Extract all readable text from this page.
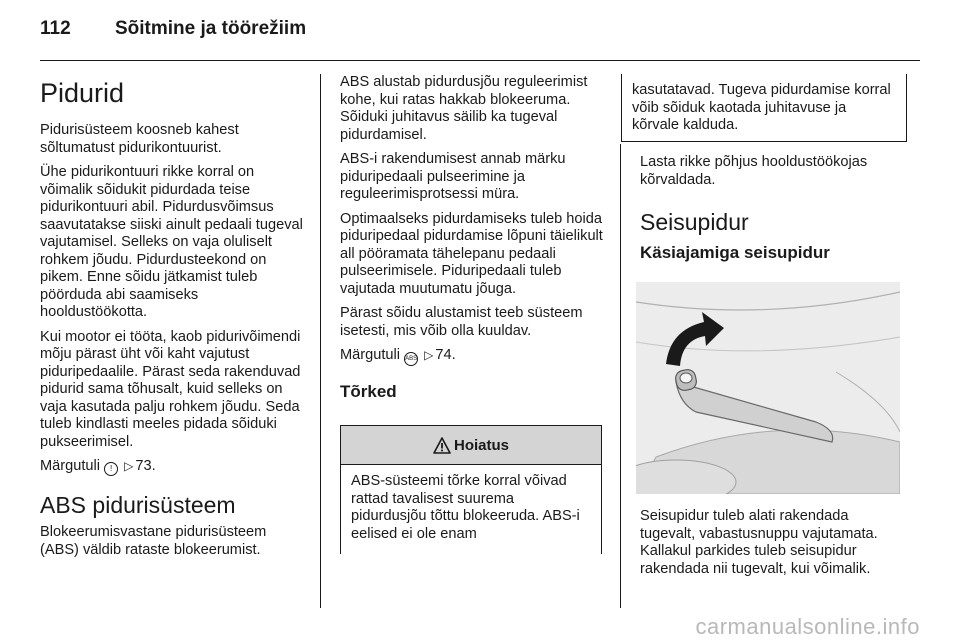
112	Sõitmine ja töörežiim
Pidurid

Pidurisüsteem koosneb kahest sõltumatust pidurikontuurist.

Ühe pidurikontuuri rikke korral on võimalik sõidukit pidurdada teise pidurikontuuri abil. Pidurdusvõimsus saavutatakse siiski ainult pedaali tugeval vajutamisel. Selleks on vaja oluliselt rohkem jõudu. Pidurdusteekond on pikem. Enne sõidu jätkamist tuleb pöörduda abi saamiseks hooldustöökotta.

Kui mootor ei tööta, kaob pidurivõimendi mõju pärast üht või kaht vajutust piduripedaalile. Pärast seda rakenduvad pidurid sama tõhusalt, kuid selleks on vaja kasutada palju rohkem jõudu. Seda tuleb kindlasti meeles pidada sõiduki pukseerimisel.

Märgutuli ! ▷ 73.

ABS pidurisüsteem

Blokeerumisvastane pidurisüsteem (ABS) väldib rataste blokeerumist.

ABS alustab pidurdusjõu reguleerimist kohe, kui ratas hakkab blokeeruma. Sõiduki juhitavus säilib ka tugeval pidurdamisel.

ABS-i rakendumisest annab märku piduripedaali pulseerimine ja reguleerimisprotsessi müra.

Optimaalseks pidurdamiseks tuleb hoida piduripedaal pidurdamise lõpuni täielikult all pööramata tähelepanu pedaali pulseerimisele. Piduripedaali tuleb vajutada muutumatu jõuga.

Pärast sõidu alustamist teeb süsteem isetesti, mis võib olla kuuldav.

Märgutuli ABS ▷ 74.

Tõrked
Hoiatus
ABS-süsteemi tõrke korral võivad rattad tavalisest suurema pidurdusjõu tõttu blokeeruda. ABS-i eelised ei ole enam
kasutatavad. Tugeva pidurdamise korral võib sõiduk kaotada juhitavuse ja kõrvale kalduda.

Lasta rikke põhjus hooldustöökojas kõrvaldada.

Seisupidur
Käsiajamiga seisupidur

Seisupidur tuleb alati rakendada tugevalt, vabastusnuppu vajutamata. Kallakul parkides tuleb seisupidur rakendada nii tugevalt, kui võimalik.

carmanualsonline.info
